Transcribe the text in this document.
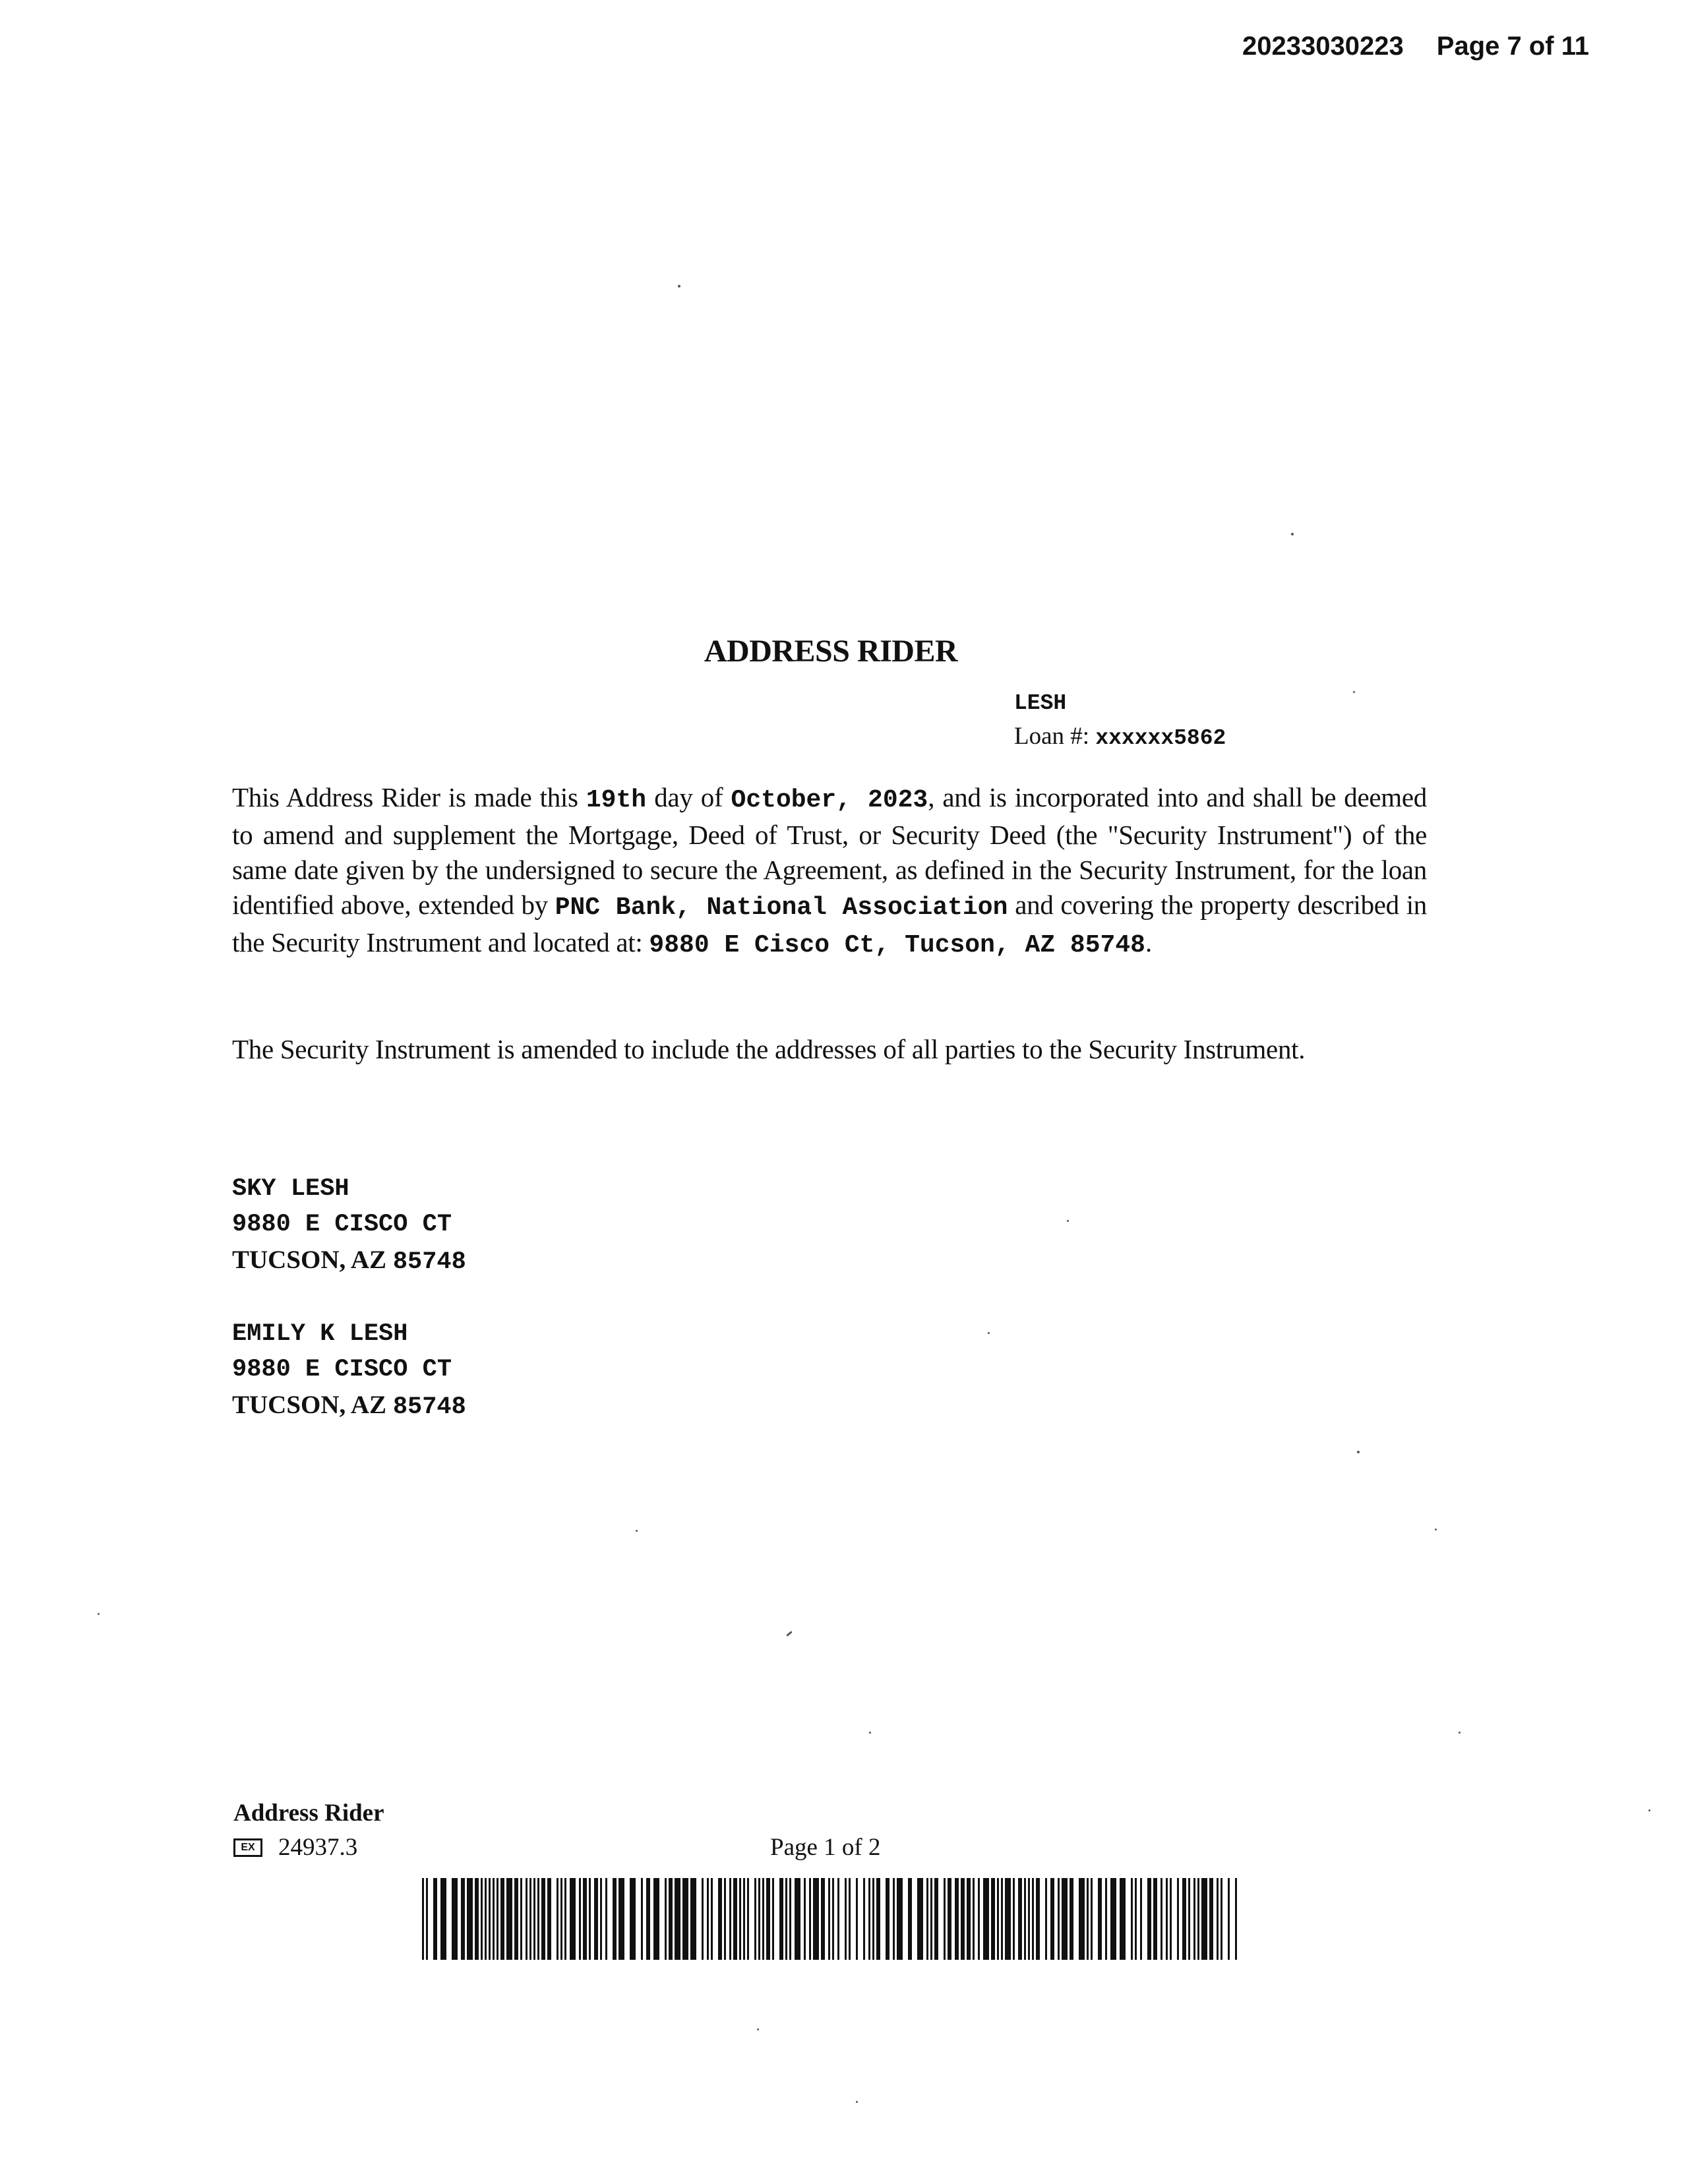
20233030223 Page 7 of 11
ADDRESS RIDER
LESH
Loan #: xxxxxx5862
This Address Rider is made this 19th day of October, 2023, and is incorporated into and shall be deemed to amend and supplement the Mortgage, Deed of Trust, or Security Deed (the "Security Instrument") of the same date given by the undersigned to secure the Agreement, as defined in the Security Instrument, for the loan identified above, extended by PNC Bank, National Association and covering the property described in the Security Instrument and located at: 9880 E Cisco Ct, Tucson, AZ 85748.
The Security Instrument is amended to include the addresses of all parties to the Security Instrument.
SKY LESH
9880 E CISCO CT
TUCSON, AZ 85748
EMILY K LESH
9880 E CISCO CT
TUCSON, AZ 85748
Address Rider
EX 24937.3	Page 1 of 2
